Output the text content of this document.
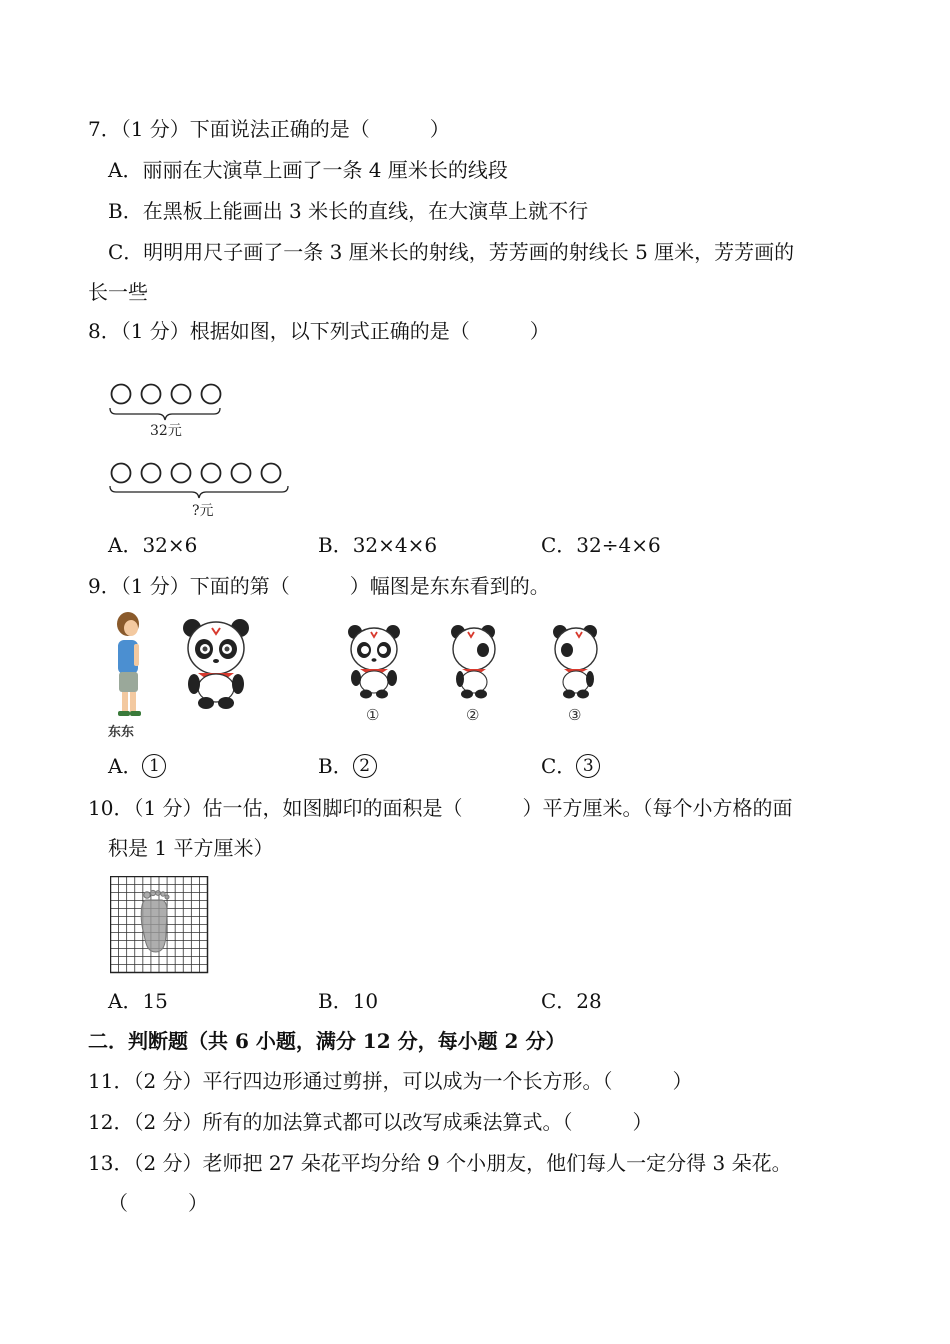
7．（1 分）下面说法正确的是（　　　）
A．丽丽在大演草上画了一条 4 厘米长的线段
B．在黑板上能画出 3 米长的直线，在大演草上就不行
C．明明用尺子画了一条 3 厘米长的射线，芳芳画的射线长 5 厘米，芳芳画的
长一些
8．（1 分）根据如图，以下列式正确的是（　　　）
32元
?元
A．32×6	B．32×4×6	C．32÷4×6
9．（1 分）下面的第（　　　）幅图是东东看到的。
东东
①	②	③
A． 1	B． 2	C． 3
10．（1 分）估一估，如图脚印的面积是（　　　）平方厘米。（每个小方格的面
积是 1 平方厘米）
A．15	B．10	C．28
二．判断题（共 6 小题，满分 12 分，每小题 2 分）
11．（2 分）平行四边形通过剪拼，可以成为一个长方形。（　　　）
12．（2 分）所有的加法算式都可以改写成乘法算式。（　　　）
13．（2 分）老师把 27 朵花平均分给 9 个小朋友，他们每人一定分得 3 朵花。
（　　　）
